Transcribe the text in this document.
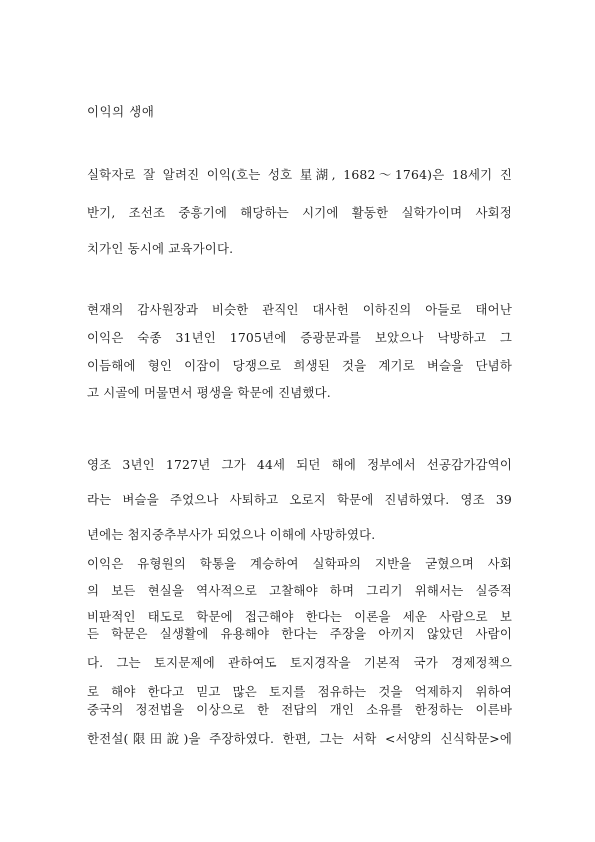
이익의 생애
실학자로 잘 알려진 이익(호는 성호 星湖, 1682～1764)은 18세기 진
반기, 조선조 중흥기에 해당하는 시기에 활동한 실학가이며 사회정
치가인 동시에 교육가이다.
현재의 감사원장과 비슷한 관직인 대사헌 이하진의 아들로 태어난
이익은 숙종 31년인 1705년에 증광문과를 보았으나 낙방하고 그
이듬해에 형인 이잠이 당쟁으로 희생된 것을 계기로 벼슬을 단념하
고 시골에 머물면서 평생을 학문에 진념했다.
영조 3년인 1727년 그가 44세 되던 해에 정부에서 선공감가감역이
라는 벼슬을 주었으나 사퇴하고 오로지 학문에 진념하였다. 영조 39
년에는 첨지중추부사가 되었으나 이해에 사망하였다.
이익은 유형원의 학통을 계승하여 실학파의 지반을 굳혔으며 사회
의 보든 현실을 역사적으로 고찰해야 하며 그리기 위해서는 실증적
비판적인 태도로 학문에 접근해야 한다는 이론을 세운 사람으로 보
든 학문은 실생활에 유용해야 한다는 주장을 아끼지 않았던 사람이
다. 그는 토지문제에 관하여도 토지경작을 기본적 국가 경제정책으
로 해야 한다고 믿고 많은 토지를 점유하는 것을 억제하지 위하여
중국의 정전법을 이상으로 한 전답의 개인 소유를 한정하는 이른바
한전설(限田說)을 주장하였다. 한편, 그는 서학 <서양의 신식학문>에
